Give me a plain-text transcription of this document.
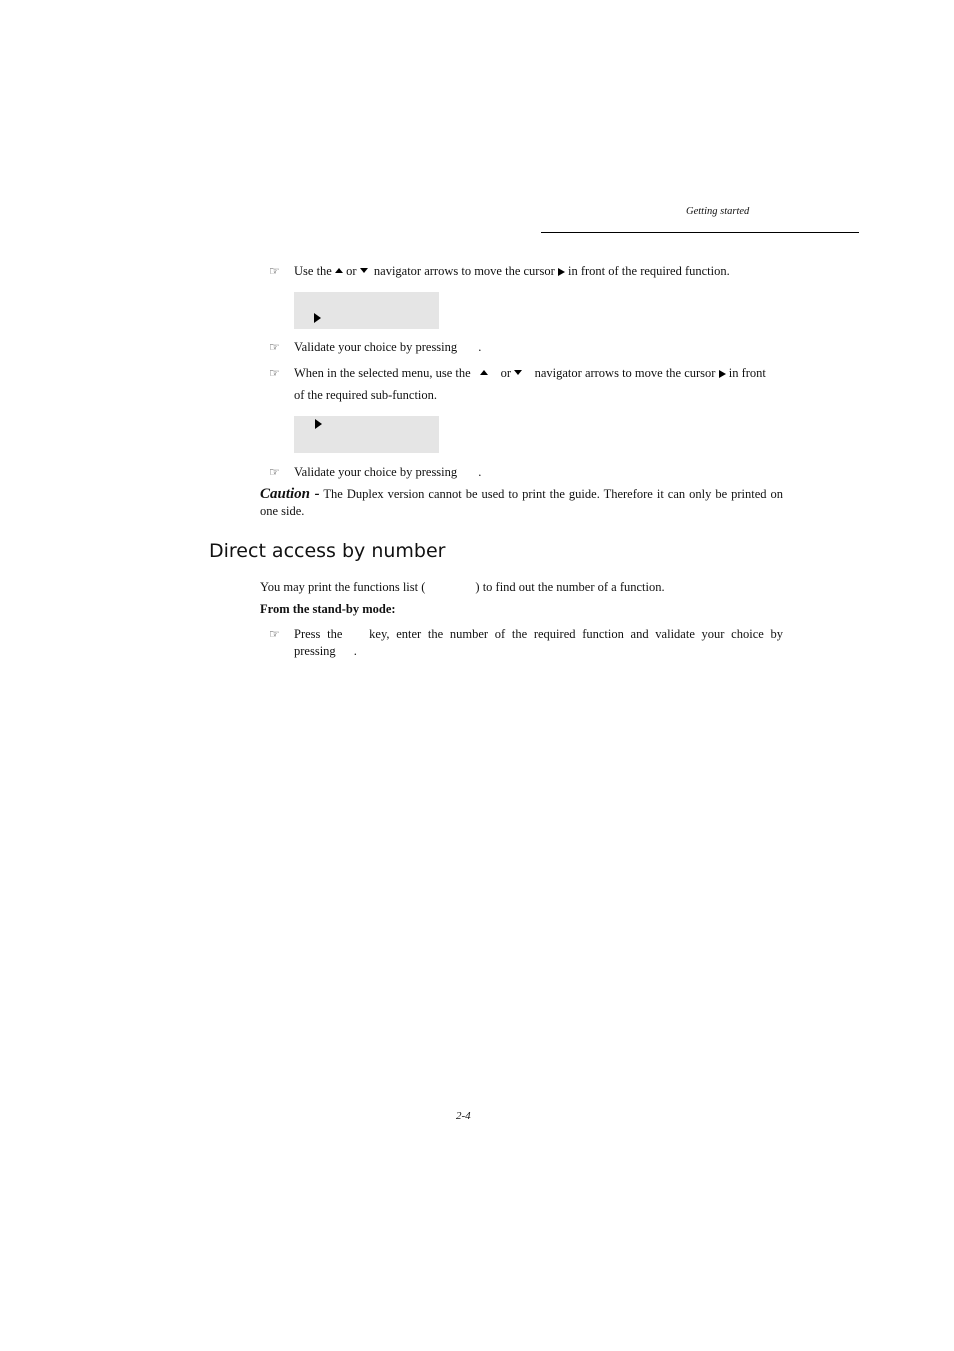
Getting started
☞ Use the or navigator arrows to move the cursor in front of the required function.
☞ Validate your choice by pressing .
☞ When in the selected menu, use the or navigator arrows to move the cursor in front
of the required sub-function.
☞ Validate your choice by pressing .
Caution - The Duplex version cannot be used to print the guide. Therefore it can only be printed on one side.
Direct access by number
You may print the functions list (	) to find out the number of a function.
From the stand-by mode:
☞ Press the    key, enter the number of the required function and validate your choice by
pressing .
2-4
